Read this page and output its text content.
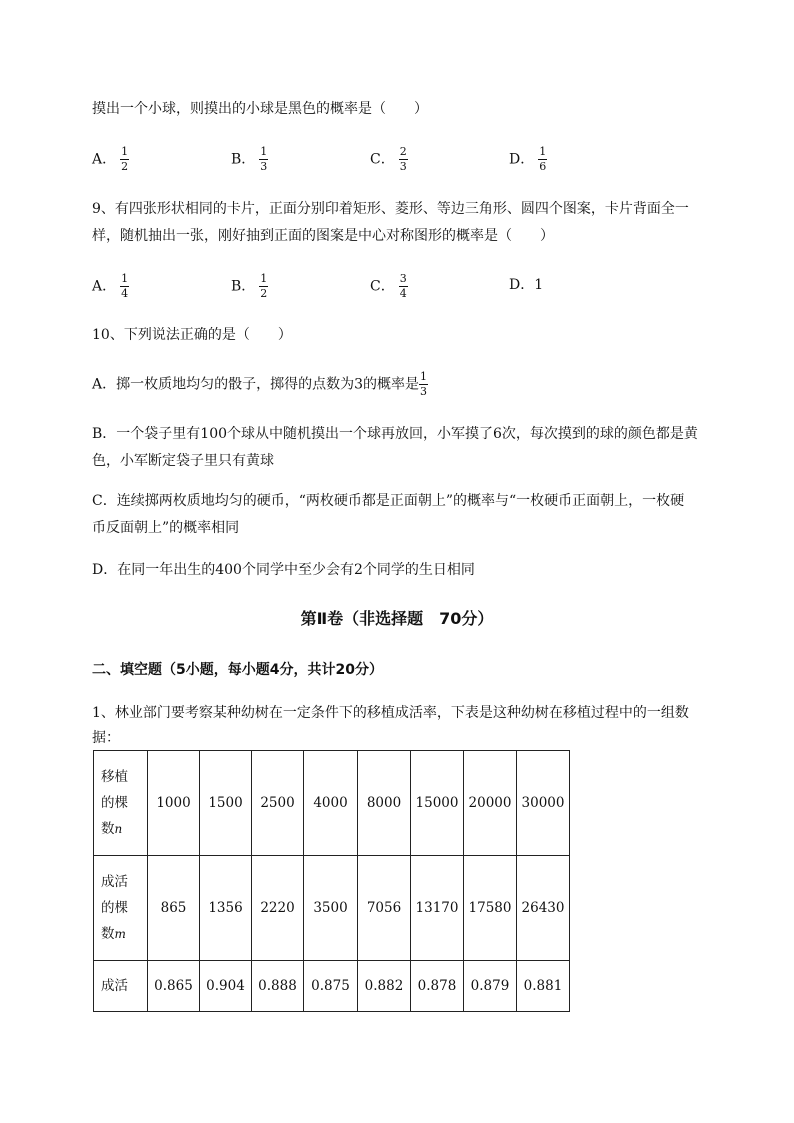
摸出一个小球，则摸出的小球是黑色的概率是（　　）
A． $\frac{1}{2}$	B． $\frac{1}{3}$	C． $\frac{2}{3}$	D． $\frac{1}{6}$
9、有四张形状相同的卡片，正面分别印着矩形、菱形、等边三角形、圆四个图案，卡片背面全一
样，随机抽出一张，刚好抽到正面的图案是中心对称图形的概率是（　　）
A． $\frac{1}{4}$	B． $\frac{1}{2}$	C． $\frac{3}{4}$	D．1
10、下列说法正确的是（　　）
A．掷一枚质地均匀的骰子，掷得的点数为3的概率是 $\frac{1}{3}$
B．一个袋子里有100个球从中随机摸出一个球再放回，小军摸了6次，每次摸到的球的颜色都是黄
色，小军断定袋子里只有黄球
C．连续掷两枚质地均匀的硬币，“两枚硬币都是正面朝上”的概率与“一枚硬币正面朝上，一枚硬
币反面朝上”的概率相同
D．在同一年出生的400个同学中至少会有2个同学的生日相同
第Ⅱ卷（非选择题　70分）
二、填空题（5小题，每小题4分，共计20分）
1、林业部门要考察某种幼树在一定条件下的移植成活率，下表是这种幼树在移植过程中的一组数
据：
移植
的棵
数n	1000	1500	2500	4000	8000	15000	20000	30000
成活
的棵
数m	865	1356	2220	3500	7056	13170	17580	26430
成活	0.865	0.904	0.888	0.875	0.882	0.878	0.879	0.881
